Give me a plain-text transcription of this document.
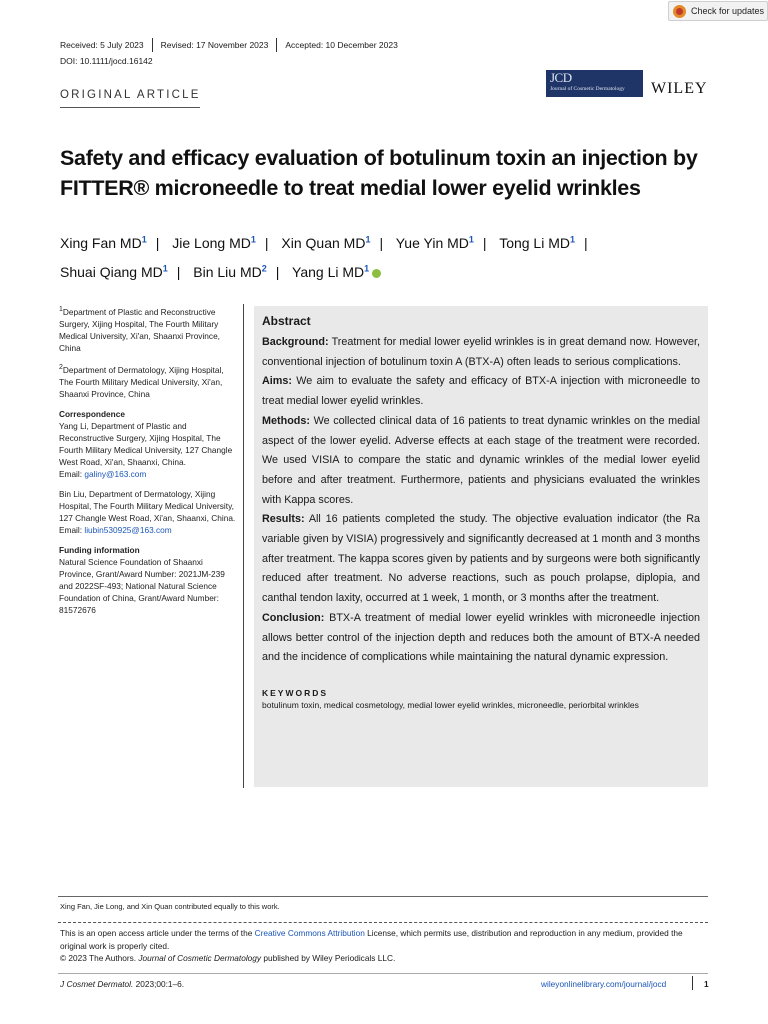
Check for updates
Received: 5 July 2023 Revised: 17 November 2023 Accepted: 10 December 2023
DOI: 10.1111/jocd.16142
ORIGINAL ARTICLE
JCD
Journal of Cosmetic Dermatology	WILEY
Safety and efficacy evaluation of botulinum toxin an injection by FITTER® microneedle to treat medial lower eyelid wrinkles
Xing Fan $MD^1$ | Jie Long $MD^1$ | Xin Quan $MD^1$ | Yue Yin $MD^1$ | Tong Li $MD^1$ |
Shuai Qiang $MD^1$ | Bin Liu $MD^2$ | Yang Li $MD^1$
$^1$Department of Plastic and Reconstructive Surgery, Xijing Hospital, The Fourth Military Medical University, Xi'an, Shaanxi Province, China
$^2$Department of Dermatology, Xijing Hospital, The Fourth Military Medical University, Xi'an, Shaanxi Province, China
Correspondence
Yang Li, Department of Plastic and Reconstructive Surgery, Xijing Hospital, The Fourth Military Medical University, 127 Changle West Road, Xi'an, Shaanxi, China.
Email: galiny@163.com
Bin Liu, Department of Dermatology, Xijing Hospital, The Fourth Military Medical University, 127 Changle West Road, Xi'an, Shaanxi, China.
Email: liubin530925@163.com
Funding information
Natural Science Foundation of Shaanxi Province, Grant/Award Number: 2021JM-239 and 2022SF-493; National Natural Science Foundation of China, Grant/Award Number: 81572676
Abstract

Background: Treatment for medial lower eyelid wrinkles is in great demand now. However, conventional injection of botulinum toxin A (BTX-A) often leads to serious complications.

Aims: We aim to evaluate the safety and efficacy of BTX-A injection with microneedle to treat medial lower eyelid wrinkles.

Methods: We collected clinical data of 16 patients to treat dynamic wrinkles on the medial aspect of the lower eyelid. Adverse effects at each stage of the treatment were recorded. We used VISIA to compare the static and dynamic wrinkles of the medial lower eyelid before and after treatment. Furthermore, patients and physicians evaluated the wrinkles with Kappa scores.

Results: All 16 patients completed the study. The objective evaluation indicator (the Ra variable given by VISIA) progressively and significantly decreased at 1 month and 3 months after treatment. The kappa scores given by patients and by surgeons were both significantly reduced after treatment. No adverse reactions, such as pouch prolapse, diplopia, and canthal tendon laxity, occurred at 1 week, 1 month, or 3 months after the treatment.

Conclusion: BTX-A treatment of medial lower eyelid wrinkles with microneedle injection allows better control of the injection depth and reduces both the amount of BTX-A needed and the incidence of complications while maintaining the natural dynamic expression.

KEYWORDS
botulinum toxin, medical cosmetology, medial lower eyelid wrinkles, microneedle, periorbital wrinkles
Xing Fan, Jie Long, and Xin Quan contributed equally to this work.
This is an open access article under the terms of the Creative Commons Attribution License, which permits use, distribution and reproduction in any medium, provided the original work is properly cited.
© 2023 The Authors. Journal of Cosmetic Dermatology published by Wiley Periodicals LLC.
J Cosmet Dermatol. 2023;00:1–6.	wileyonlinelibrary.com/journal/jocd	1
